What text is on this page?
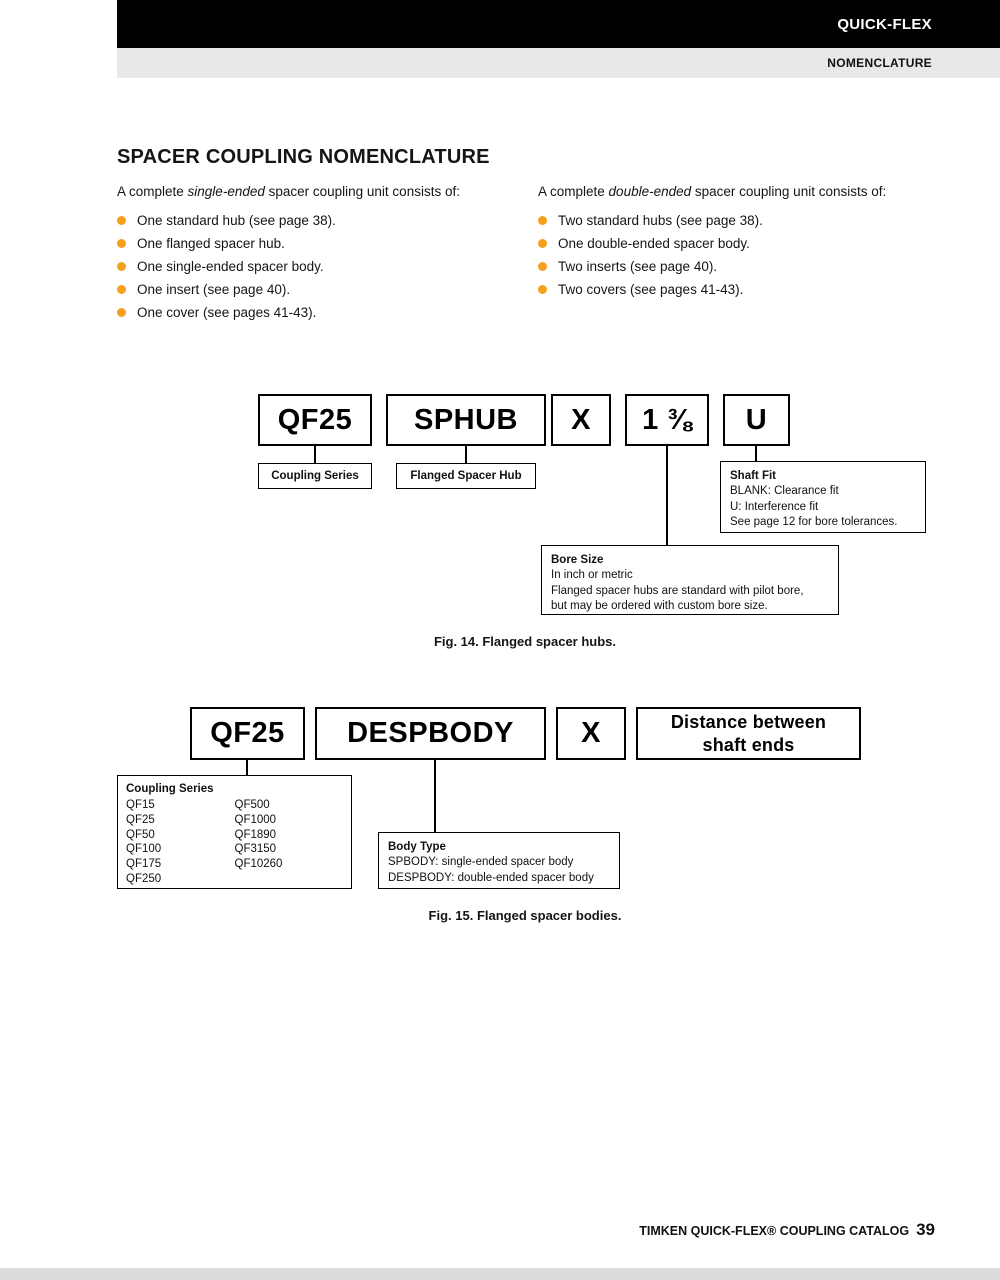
QUICK-FLEX
NOMENCLATURE
SPACER COUPLING NOMENCLATURE

A complete single-ended spacer coupling unit consists of:

One standard hub (see page 38).
One flanged spacer hub.
One single-ended spacer body.
One insert (see page 40).
One cover (see pages 41-43).

A complete double-ended spacer coupling unit consists of:

Two standard hubs (see page 38).
One double-ended spacer body.
Two inserts (see page 40).
Two covers (see pages 41-43).
QF25	SPHUB	X	1 ⅜	U
Coupling Series	Flanged Spacer Hub	Shaft Fit
BLANK: Clearance fit
U: Interference fit
See page 12 for bore tolerances.
Bore Size
In inch or metric
Flanged spacer hubs are standard with pilot bore,
but may be ordered with custom bore size.
Fig. 14. Flanged spacer hubs.
QF25	DESPBODY	X	Distance between
shaft ends
Coupling Series
QF15
QF25
QF50
QF100
QF175
QF250
QF500
QF1000
QF1890
QF3150
QF10260
Body Type
SPBODY: single-ended spacer body
DESPBODY: double-ended spacer body
Fig. 15. Flanged spacer bodies.
TIMKEN QUICK-FLEX® COUPLING CATALOG 39
